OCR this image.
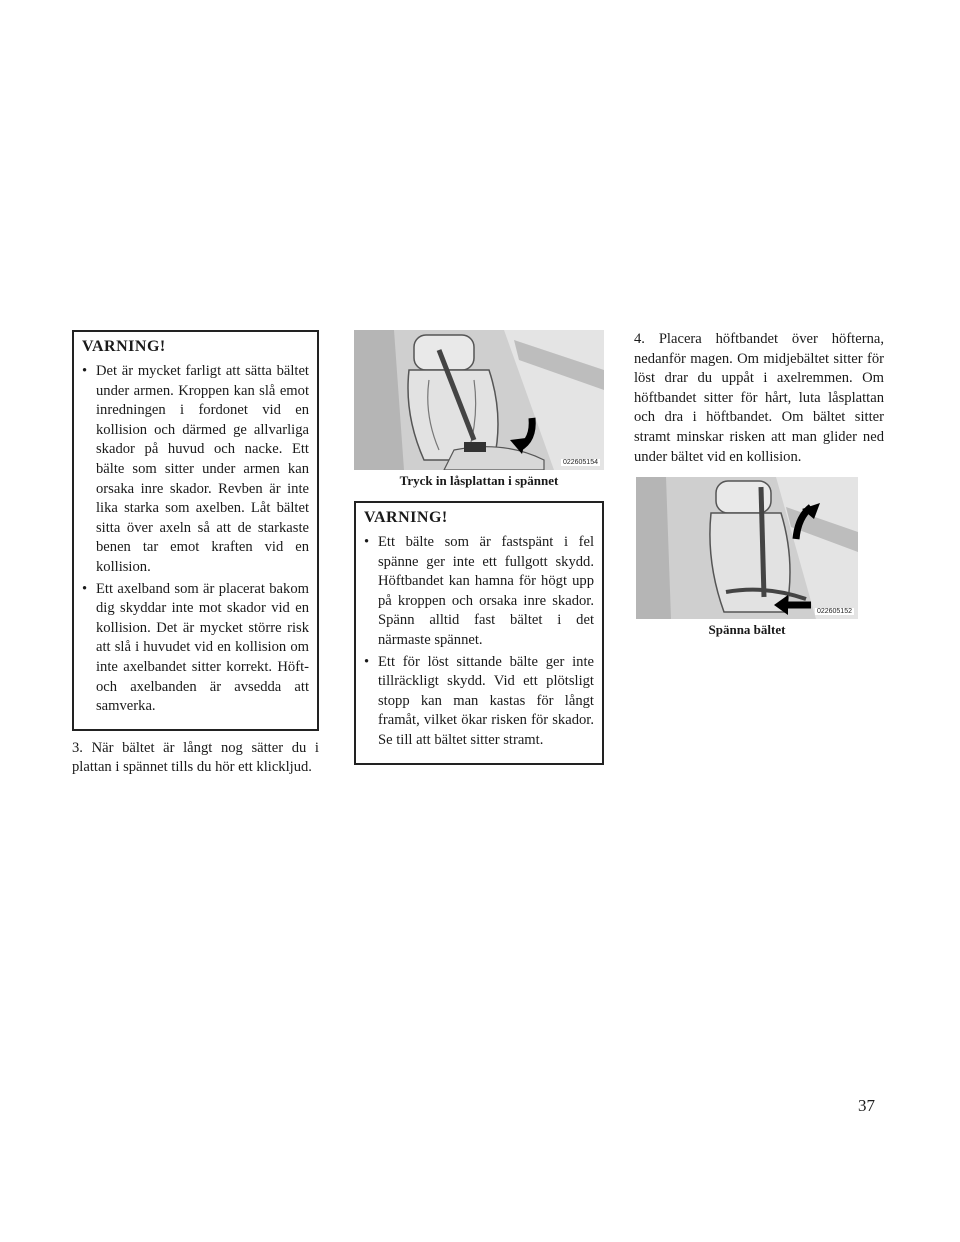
VARNING!
• Det är mycket farligt att sätta bältet under armen. Kroppen kan slå emot inredningen i fordonet vid en kollision och därmed ge allvarliga skador på huvud och nacke. Ett bälte som sitter under armen kan orsaka inre skador. Revben är inte lika starka som axelben. Låt bältet sitta över axeln så att de starkaste benen tar emot kraften vid en kollision.
• Ett axelband som är placerat bakom dig skyddar inte mot skador vid en kollision. Det är mycket större risk att slå i huvudet vid en kollision om inte axelbandet sitter korrekt. Höft- och axelbanden är avsedda att samverka.

3. När bältet är långt nog sätter du i plattan i spännet tills du hör ett klickljud.

022605154
Tryck in låsplattan i spännet
VARNING!
• Ett bälte som är fastspänt i fel spänne ger inte ett fullgott skydd. Höftbandet kan hamna för högt upp på kroppen och orsaka inre skador. Spänn alltid fast bältet i det närmaste spännet.
• Ett för löst sittande bälte ger inte tillräckligt skydd. Vid ett plötsligt stopp kan man kastas för långt framåt, vilket ökar risken för skador. Se till att bältet sitter stramt.

4. Placera höftbandet över höfterna, nedanför magen. Om midjebältet sitter för löst drar du uppåt i axelremmen. Om höftbandet sitter för hårt, luta låsplattan och dra i höftbandet. Om bältet sitter stramt minskar risken att man glider ned under bältet vid en kollision.

022605152
Spänna bältet
37
